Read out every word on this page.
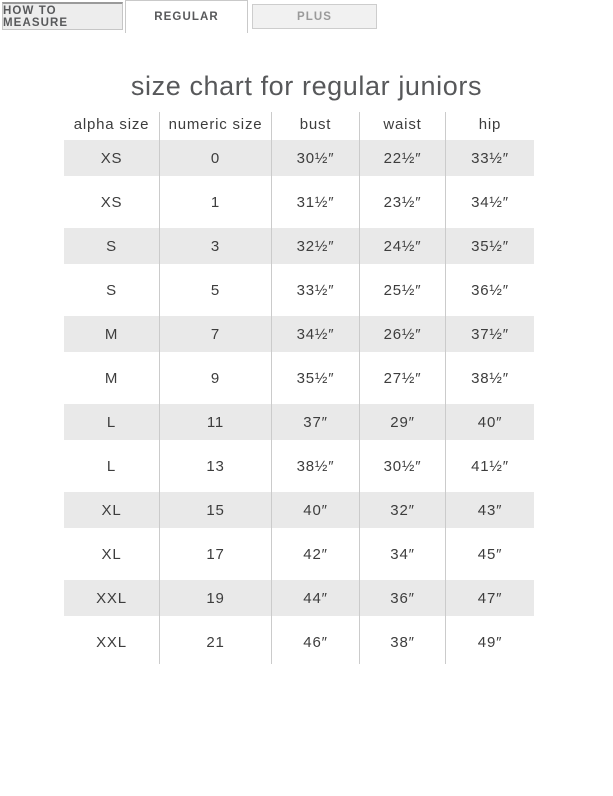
HOW TO MEASURE	REGULAR	PLUS
size chart for regular juniors
alpha size	numeric size	bust	waist	hip
XS	0	30½″	22½″	33½″
XS	1	31½″	23½″	34½″
S	3	32½″	24½″	35½″
S	5	33½″	25½″	36½″
M	7	34½″	26½″	37½″
M	9	35½″	27½″	38½″
L	11	37″	29″	40″
L	13	38½″	30½″	41½″
XL	15	40″	32″	43″
XL	17	42″	34″	45″
XXL	19	44″	36″	47″
XXL	21	46″	38″	49″
